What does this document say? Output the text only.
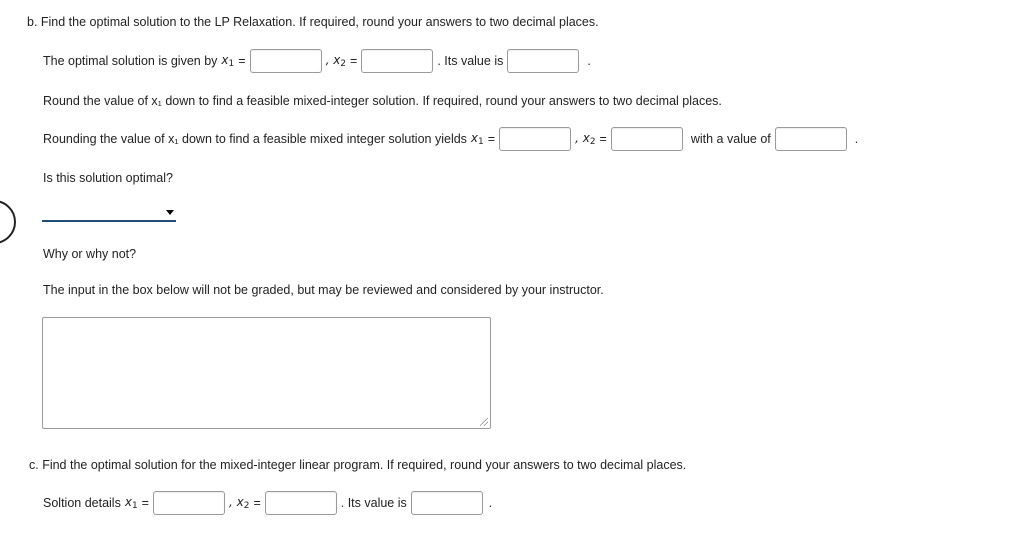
b. Find the optimal solution to the LP Relaxation. If required, round your answers to two decimal places.
The optimal solution is given by $x_1$ =	, $x_2$ =	. Its value is	.
Round the value of x₁ down to find a feasible mixed-integer solution. If required, round your answers to two decimal places.
Rounding the value of x₁ down to find a feasible mixed integer solution yields $x_1$ =	, $x_2$ =	with a value of	.
Is this solution optimal?
Why or why not?
The input in the box below will not be graded, but may be reviewed and considered by your instructor.
c. Find the optimal solution for the mixed-integer linear program. If required, round your answers to two decimal places.
Soltion details $x_1$ =	, $x_2$ =	. Its value is	.
